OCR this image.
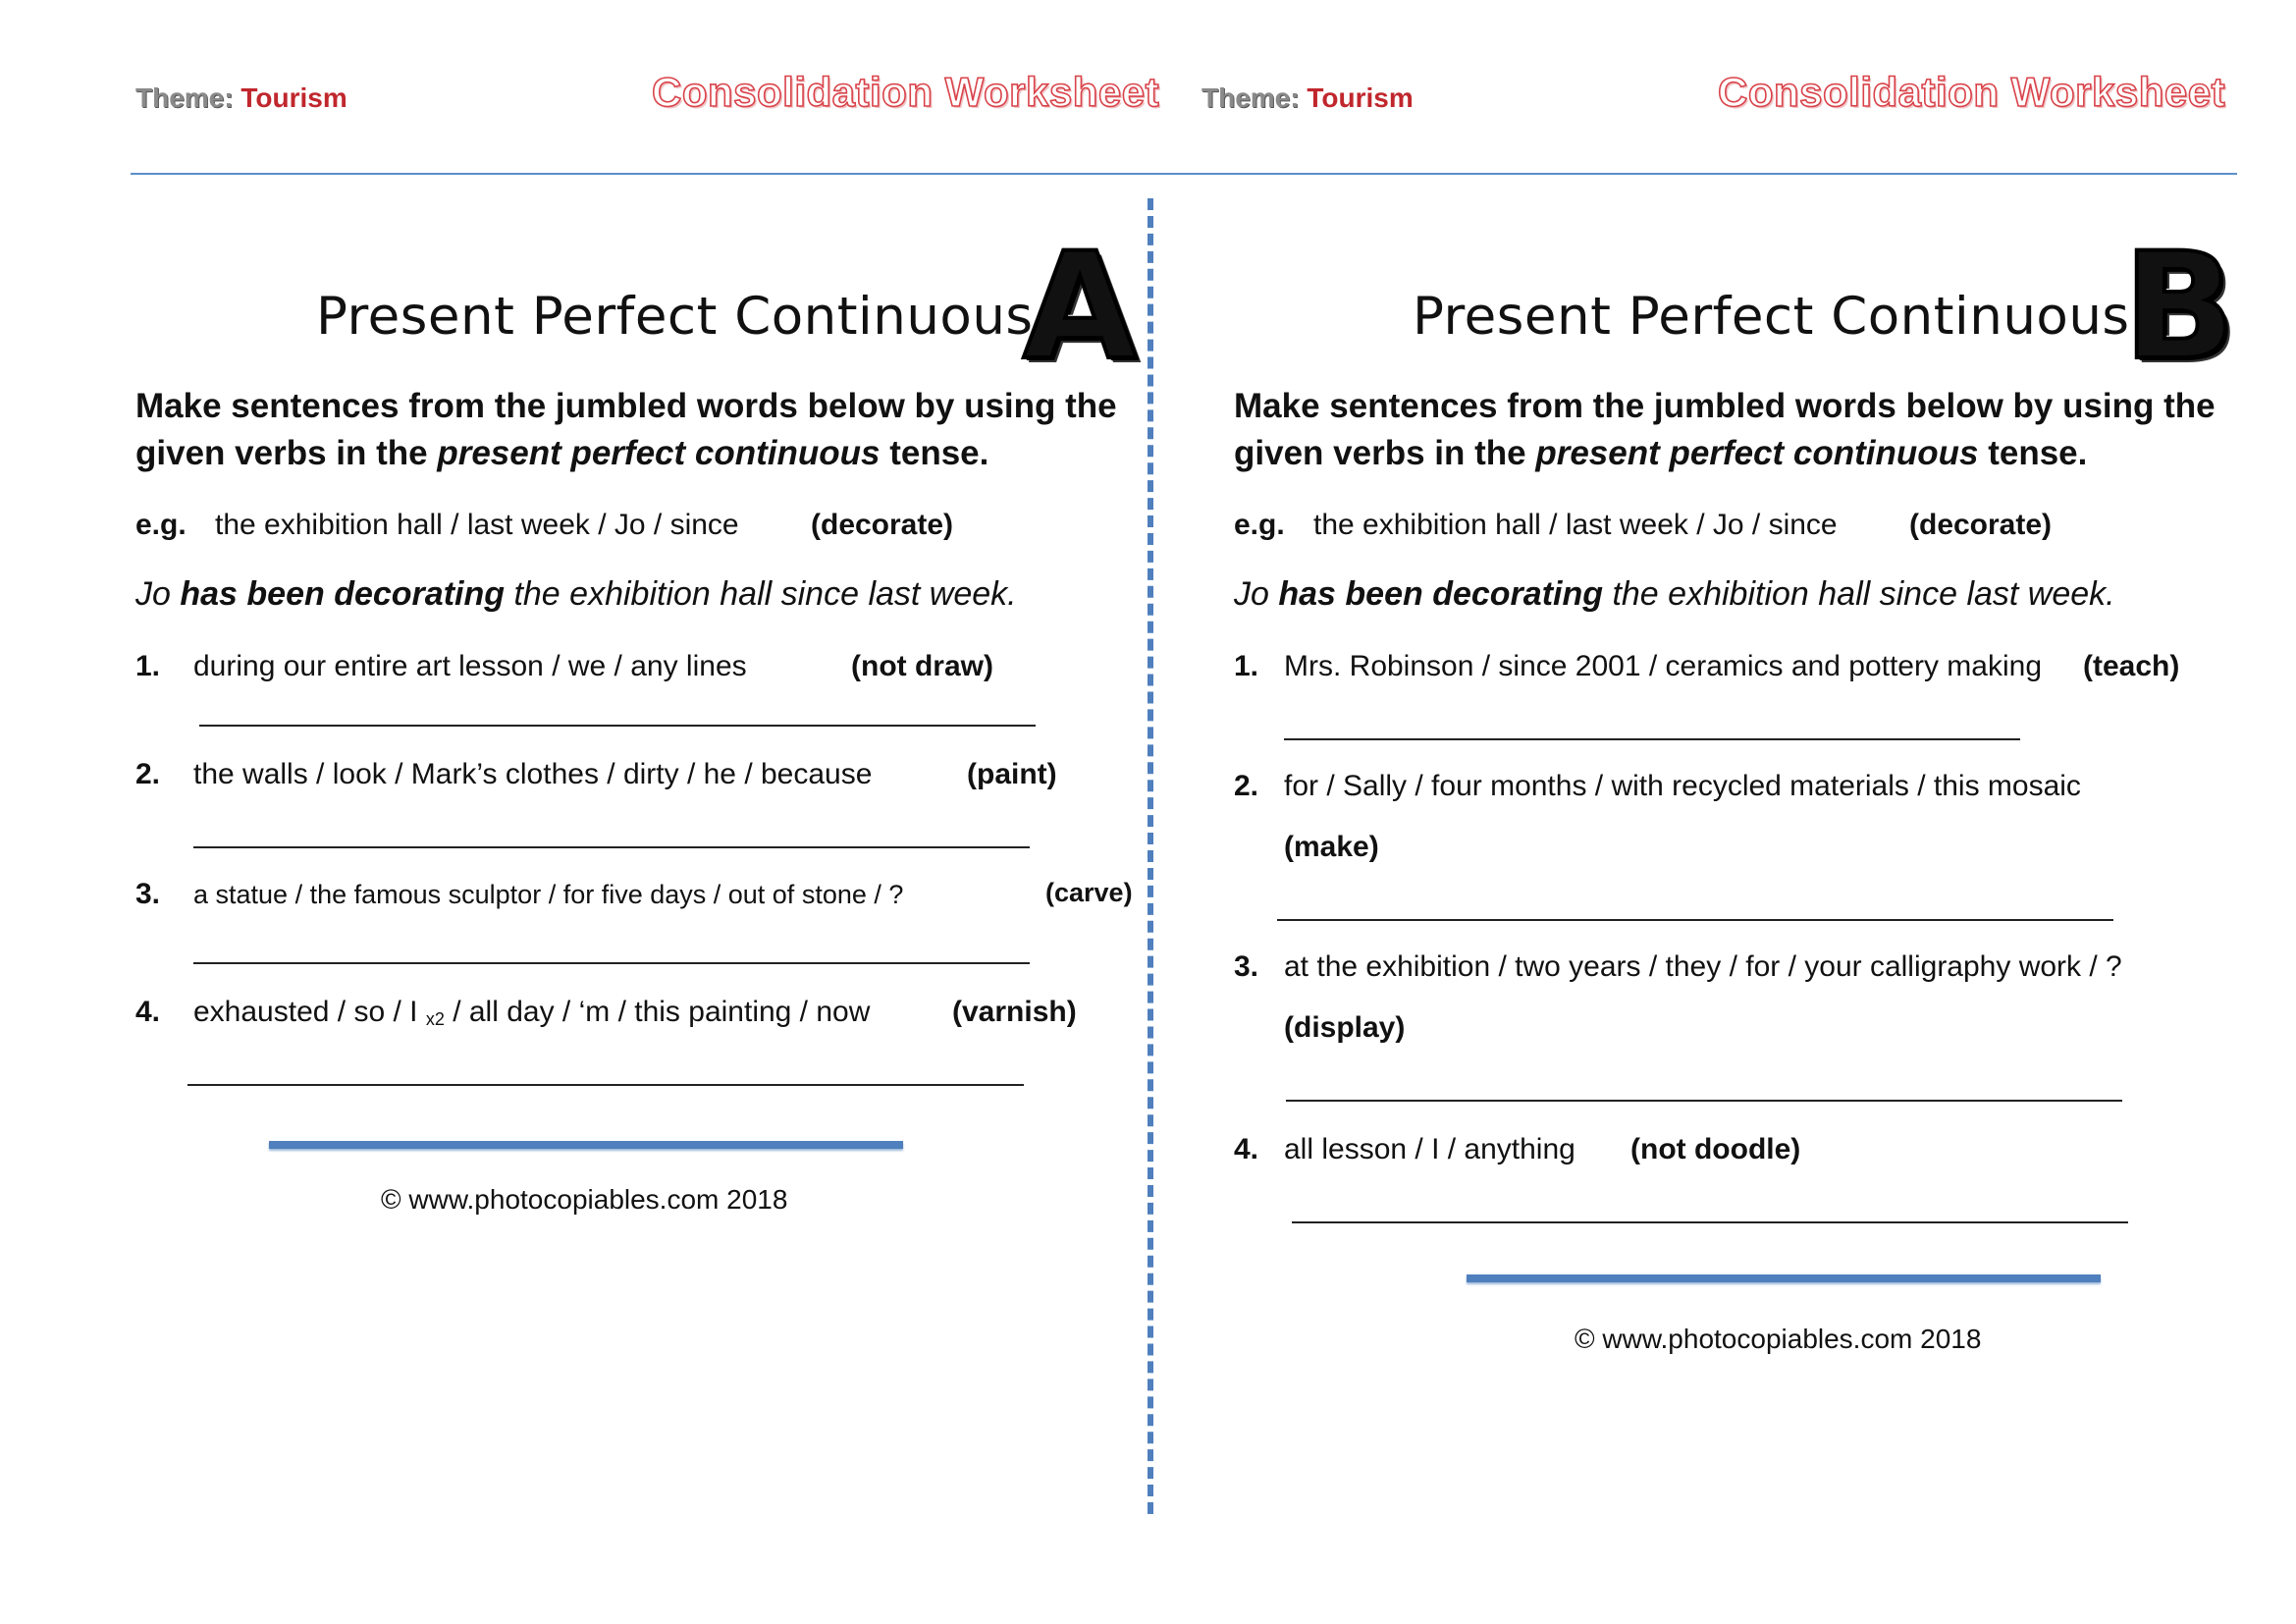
Theme: Tourism	Consolidation Worksheet Theme: Tourism	Consolidation Worksheet
Present Perfect Continuous
A
Make sentences from the jumbled words below by using the given verbs in the present perfect continuous tense.
e.g. the exhibition hall / last week / Jo / since (decorate)
Jo has been decorating the exhibition hall since last week.
1. during our entire art lesson / we / any lines	(not draw)
2. the walls / look / Mark’s clothes / dirty / he / because	(paint)
3. a statue / the famous sculptor / for five days / out of stone / ?	(carve)
4. exhausted / so / I $_{x2}$ / all day / ‘m / this painting / now	(varnish)
© www.photocopiables.com 2018
Present Perfect Continuous
B
Make sentences from the jumbled words below by using the given verbs in the present perfect continuous tense.
e.g. the exhibition hall / last week / Jo / since (decorate)
Jo has been decorating the exhibition hall since last week.
1. Mrs. Robinson / since 2001 / ceramics and pottery making (teach)
2. for / Sally / four months / with recycled materials / this mosaic
(make)
3. at the exhibition / two years / they / for / your calligraphy work / ?
(display)
4. all lesson / I / anything (not doodle)
© www.photocopiables.com 2018
